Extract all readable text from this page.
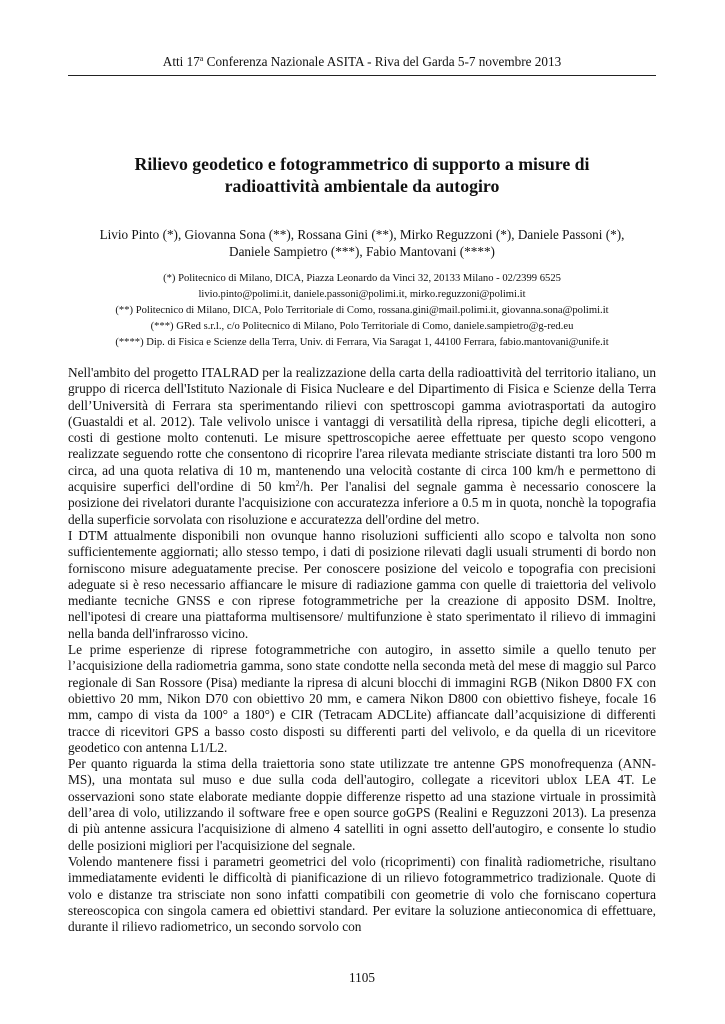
Atti 17$^a$ Conferenza Nazionale ASITA - Riva del Garda 5-7 novembre 2013
Rilievo geodetico e fotogrammetrico di supporto a misure di
radioattività ambientale da autogiro
Livio Pinto (*), Giovanna Sona (**), Rossana Gini (**), Mirko Reguzzoni (*), Daniele Passoni (*),
Daniele Sampietro (***), Fabio Mantovani (****)
(*) Politecnico di Milano, DICA, Piazza Leonardo da Vinci 32, 20133 Milano - 02/2399 6525
livio.pinto@polimi.it, daniele.passoni@polimi.it, mirko.reguzzoni@polimi.it
(**) Politecnico di Milano, DICA, Polo Territoriale di Como, rossana.gini@mail.polimi.it, giovanna.sona@polimi.it
(***) GRed s.r.l., c/o Politecnico di Milano, Polo Territoriale di Como, daniele.sampietro@g-red.eu
(****) Dip. di Fisica e Scienze della Terra, Univ. di Ferrara, Via Saragat 1, 44100 Ferrara, fabio.mantovani@unife.it

Nell'ambito del progetto ITALRAD per la realizzazione della carta della radioattività del territorio italiano, un gruppo di ricerca dell'Istituto Nazionale di Fisica Nucleare e del Dipartimento di Fisica e Scienze della Terra dell’Università di Ferrara sta sperimentando rilievi con spettroscopi gamma aviotrasportati da autogiro (Guastaldi et al. 2012). Tale velivolo unisce i vantaggi di versatilità della ripresa, tipiche degli elicotteri, a costi di gestione molto contenuti. Le misure spettroscopiche aeree effettuate per questo scopo vengono realizzate seguendo rotte che consentono di ricoprire l'area rilevata mediante strisciate distanti tra loro 500 m circa, ad una quota relativa di 10 m, mantenendo una velocità costante di circa 100 km/h e permettono di acquisire superfici dell'ordine di 50 $km^2/h$. Per l'analisi del segnale gamma è necessario conoscere la posizione dei rivelatori durante l'acquisizione con accuratezza inferiore a 0.5 m in quota, nonchè la topografia della superficie sorvolata con risoluzione e accuratezza dell'ordine del metro.

I DTM attualmente disponibili non ovunque hanno risoluzioni sufficienti allo scopo e talvolta non sono sufficientemente aggiornati; allo stesso tempo, i dati di posizione rilevati dagli usuali strumenti di bordo non forniscono misure adeguatamente precise. Per conoscere posizione del veicolo e topografia con precisioni adeguate si è reso necessario affiancare le misure di radiazione gamma con quelle di traiettoria del velivolo mediante tecniche GNSS e con riprese fotogrammetriche per la creazione di apposito DSM. Inoltre, nell'ipotesi di creare una piattaforma multisensore/ multifunzione è stato sperimentato il rilievo di immagini nella banda dell'infrarosso vicino.

Le prime esperienze di riprese fotogrammetriche con autogiro, in assetto simile a quello tenuto per l’acquisizione della radiometria gamma, sono state condotte nella seconda metà del mese di maggio sul Parco regionale di San Rossore (Pisa) mediante la ripresa di alcuni blocchi di immagini RGB (Nikon D800 FX con obiettivo 20 mm, Nikon D70 con obiettivo 20 mm, e camera Nikon D800 con obiettivo fisheye, focale 16 mm, campo di vista da 100° a 180°) e CIR (Tetracam ADCLite) affiancate dall’acquisizione di differenti tracce di ricevitori GPS a basso costo disposti su differenti parti del velivolo, e da quella di un ricevitore geodetico con antenna L1/L2.

Per quanto riguarda la stima della traiettoria sono state utilizzate tre antenne GPS monofrequenza (ANN-MS), una montata sul muso e due sulla coda dell'autogiro, collegate a ricevitori ublox LEA 4T. Le osservazioni sono state elaborate mediante doppie differenze rispetto ad una stazione virtuale in prossimità dell’area di volo, utilizzando il software free e open source goGPS (Realini e Reguzzoni 2013). La presenza di più antenne assicura l'acquisizione di almeno 4 satelliti in ogni assetto dell'autogiro, e consente lo studio delle posizioni migliori per l'acquisizione del segnale.

Volendo mantenere fissi i parametri geometrici del volo (ricoprimenti) con finalità radiometriche, risultano immediatamente evidenti le difficoltà di pianificazione di un rilievo fotogrammetrico tradizionale. Quote di volo e distanze tra strisciate non sono infatti compatibili con geometrie di volo che forniscano copertura stereoscopica con singola camera ed obiettivi standard. Per evitare la soluzione antieconomica di effettuare, durante il rilievo radiometrico, un secondo sorvolo con

1105
